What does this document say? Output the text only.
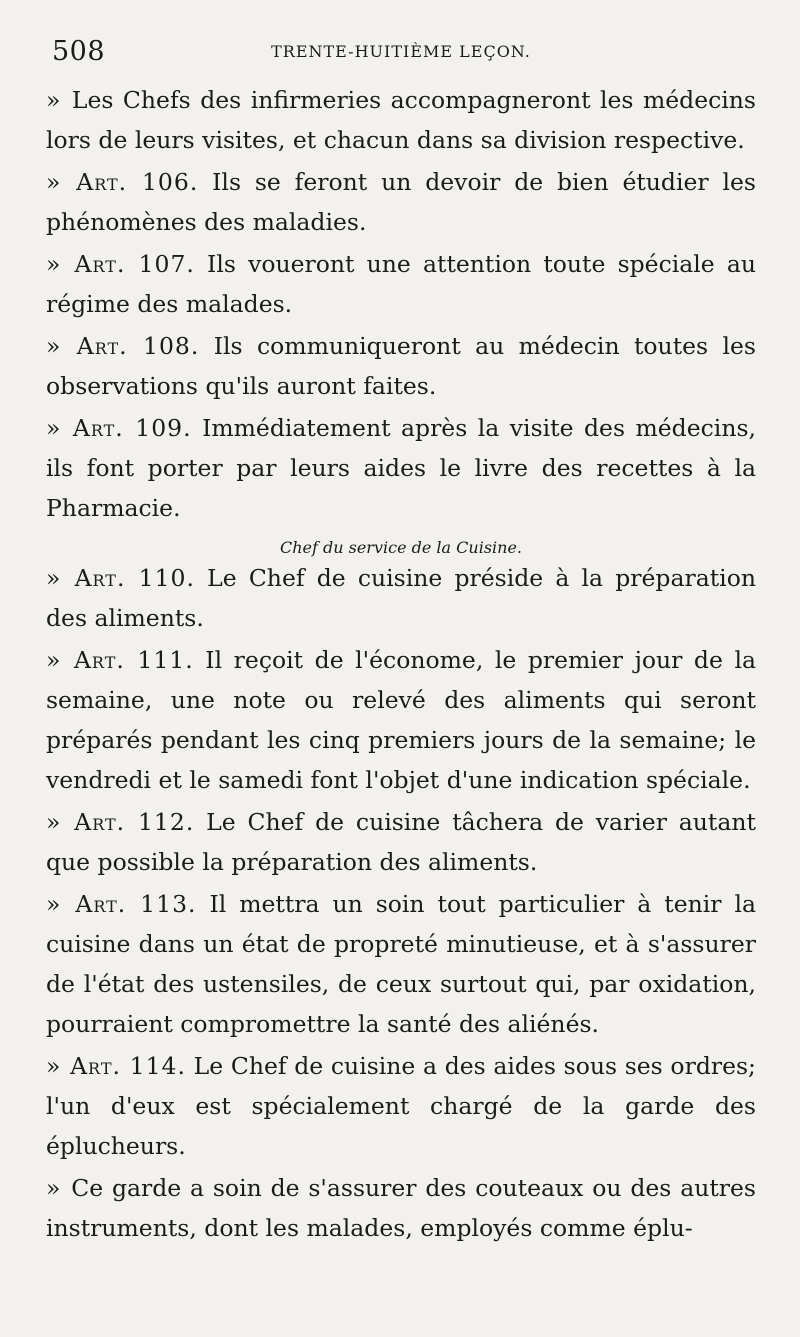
508	TRENTE-HUITIÈME LEÇON.

» Les Chefs des infirmeries accompagneront les médecins lors de leurs visites, et chacun dans sa division respective.

» Art. 106. Ils se feront un devoir de bien étudier les phénomènes des maladies.

» Art. 107. Ils voueront une attention toute spéciale au régime des malades.

» Art. 108. Ils communiqueront au médecin toutes les observations qu'ils auront faites.

» Art. 109. Immédiatement après la visite des médecins, ils font porter par leurs aides le livre des recettes à la Pharmacie.

Chef du service de la Cuisine.

» Art. 110. Le Chef de cuisine préside à la préparation des aliments.

» Art. 111. Il reçoit de l'économe, le premier jour de la semaine, une note ou relevé des aliments qui seront préparés pendant les cinq premiers jours de la semaine; le vendredi et le samedi font l'objet d'une indication spéciale.

» Art. 112. Le Chef de cuisine tâchera de varier autant que possible la préparation des aliments.

» Art. 113. Il mettra un soin tout particulier à tenir la cuisine dans un état de propreté minutieuse, et à s'assurer de l'état des ustensiles, de ceux surtout qui, par oxidation, pourraient compromettre la santé des aliénés.

» Art. 114. Le Chef de cuisine a des aides sous ses ordres; l'un d'eux est spécialement chargé de la garde des éplucheurs.

» Ce garde a soin de s'assurer des couteaux ou des autres instruments, dont les malades, employés comme éplu-
